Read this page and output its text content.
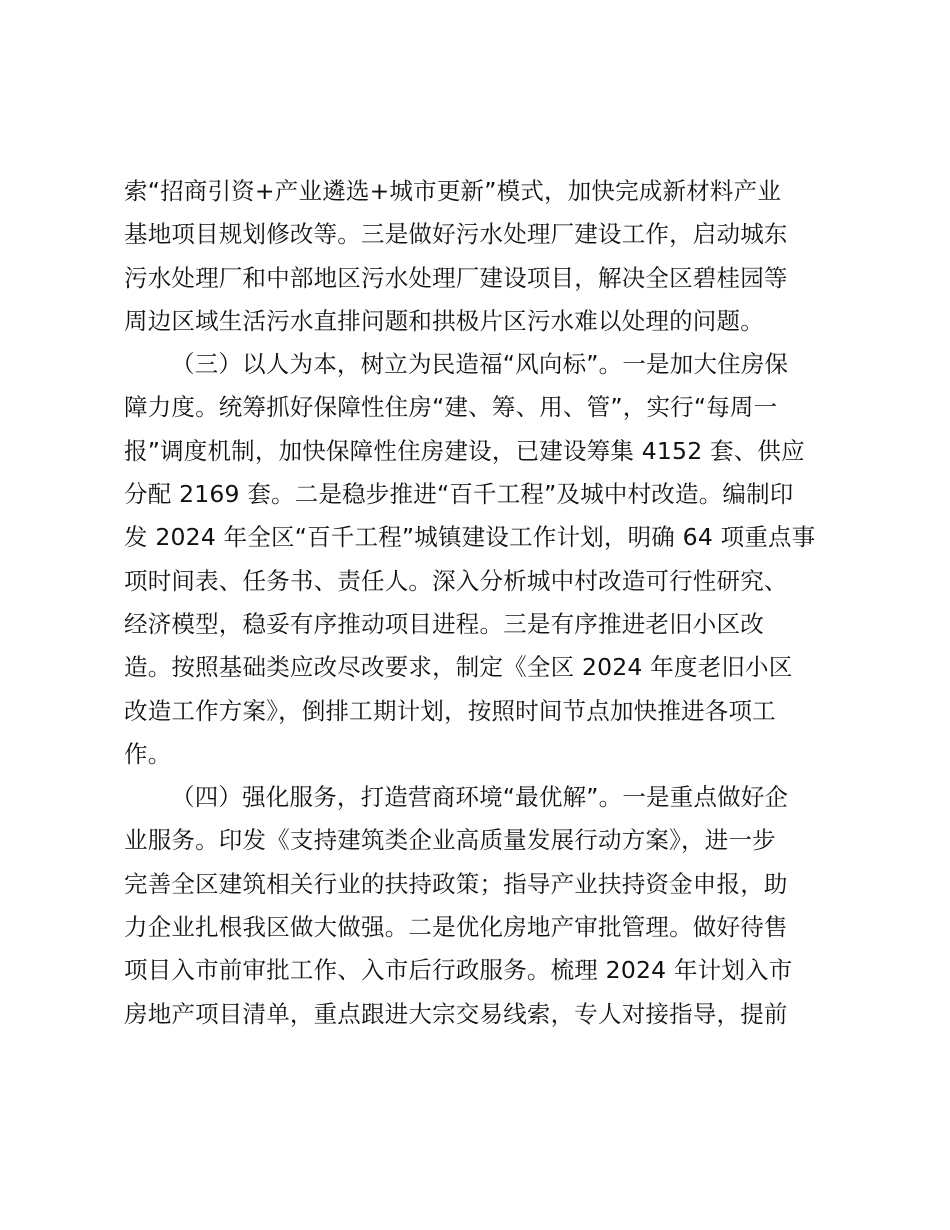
索“招商引资+产业遴选+城市更新”模式，加快完成新材料产业
基地项目规划修改等。三是做好污水处理厂建设工作，启动城东
污水处理厂和中部地区污水处理厂建设项目，解决全区碧桂园等
周边区域生活污水直排问题和拱极片区污水难以处理的问题。
（三）以人为本，树立为民造福“风向标”。一是加大住房保
障力度。统筹抓好保障性住房“建、筹、用、管”，实行“每周一
报”调度机制，加快保障性住房建设，已建设筹集 4152 套、供应
分配 2169 套。二是稳步推进“百千工程”及城中村改造。编制印
发 2024 年全区“百千工程”城镇建设工作计划，明确 64 项重点事
项时间表、任务书、责任人。深入分析城中村改造可行性研究、
经济模型，稳妥有序推动项目进程。三是有序推进老旧小区改
造。按照基础类应改尽改要求，制定《全区 2024 年度老旧小区
改造工作方案》，倒排工期计划，按照时间节点加快推进各项工
作。
（四）强化服务，打造营商环境“最优解”。一是重点做好企
业服务。印发《支持建筑类企业高质量发展行动方案》，进一步
完善全区建筑相关行业的扶持政策；指导产业扶持资金申报，助
力企业扎根我区做大做强。二是优化房地产审批管理。做好待售
项目入市前审批工作、入市后行政服务。梳理 2024 年计划入市
房地产项目清单，重点跟进大宗交易线索，专人对接指导，提前
